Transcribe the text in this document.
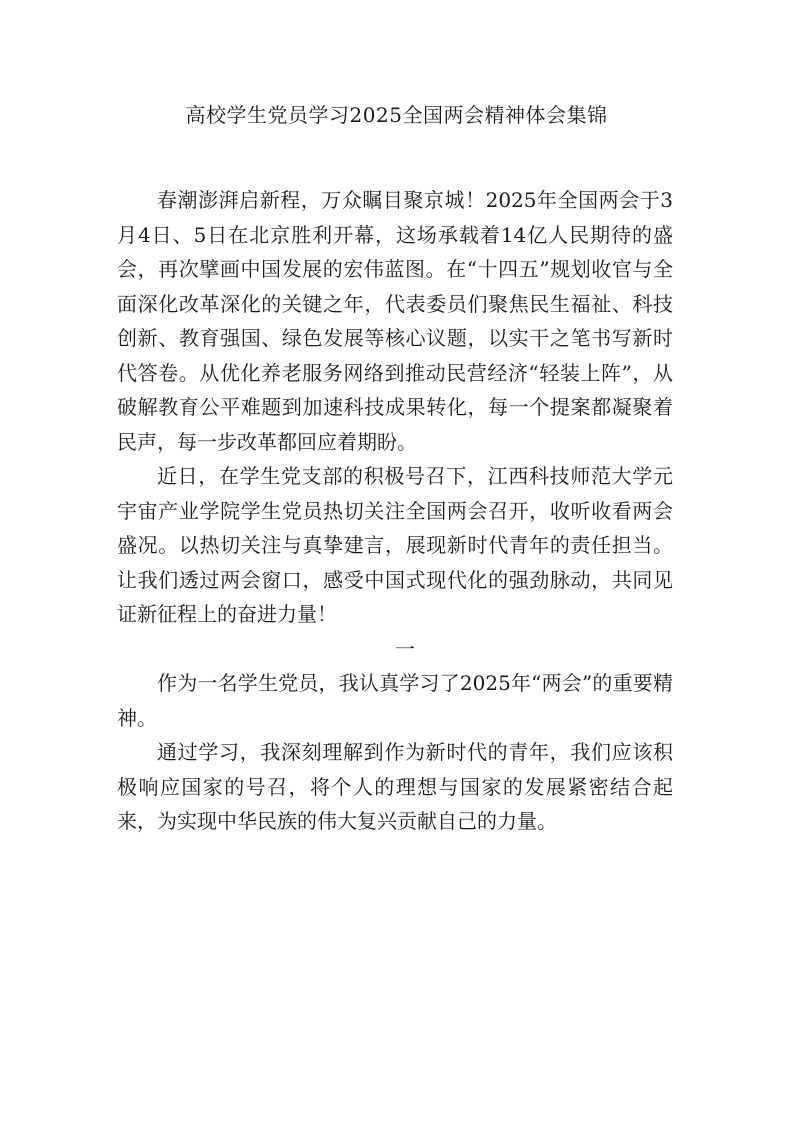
高校学生党员学习2025全国两会精神体会集锦

春潮澎湃启新程，万众瞩目聚京城！2025年全国两会于3月4日、5日在北京胜利开幕，这场承载着14亿人民期待的盛会，再次擘画中国发展的宏伟蓝图。在“十四五”规划收官与全面深化改革深化的关键之年，代表委员们聚焦民生福祉、科技创新、教育强国、绿色发展等核心议题，以实干之笔书写新时代答卷。从优化养老服务网络到推动民营经济“轻装上阵”，从破解教育公平难题到加速科技成果转化，每一个提案都凝聚着民声，每一步改革都回应着期盼。

近日，在学生党支部的积极号召下，江西科技师范大学元宇宙产业学院学生党员热切关注全国两会召开，收听收看两会盛况。以热切关注与真挚建言，展现新时代青年的责任担当。让我们透过两会窗口，感受中国式现代化的强劲脉动，共同见证新征程上的奋进力量！

一

作为一名学生党员，我认真学习了2025年“两会”的重要精神。

通过学习，我深刻理解到作为新时代的青年，我们应该积极响应国家的号召，将个人的理想与国家的发展紧密结合起来，为实现中华民族的伟大复兴贡献自己的力量。
